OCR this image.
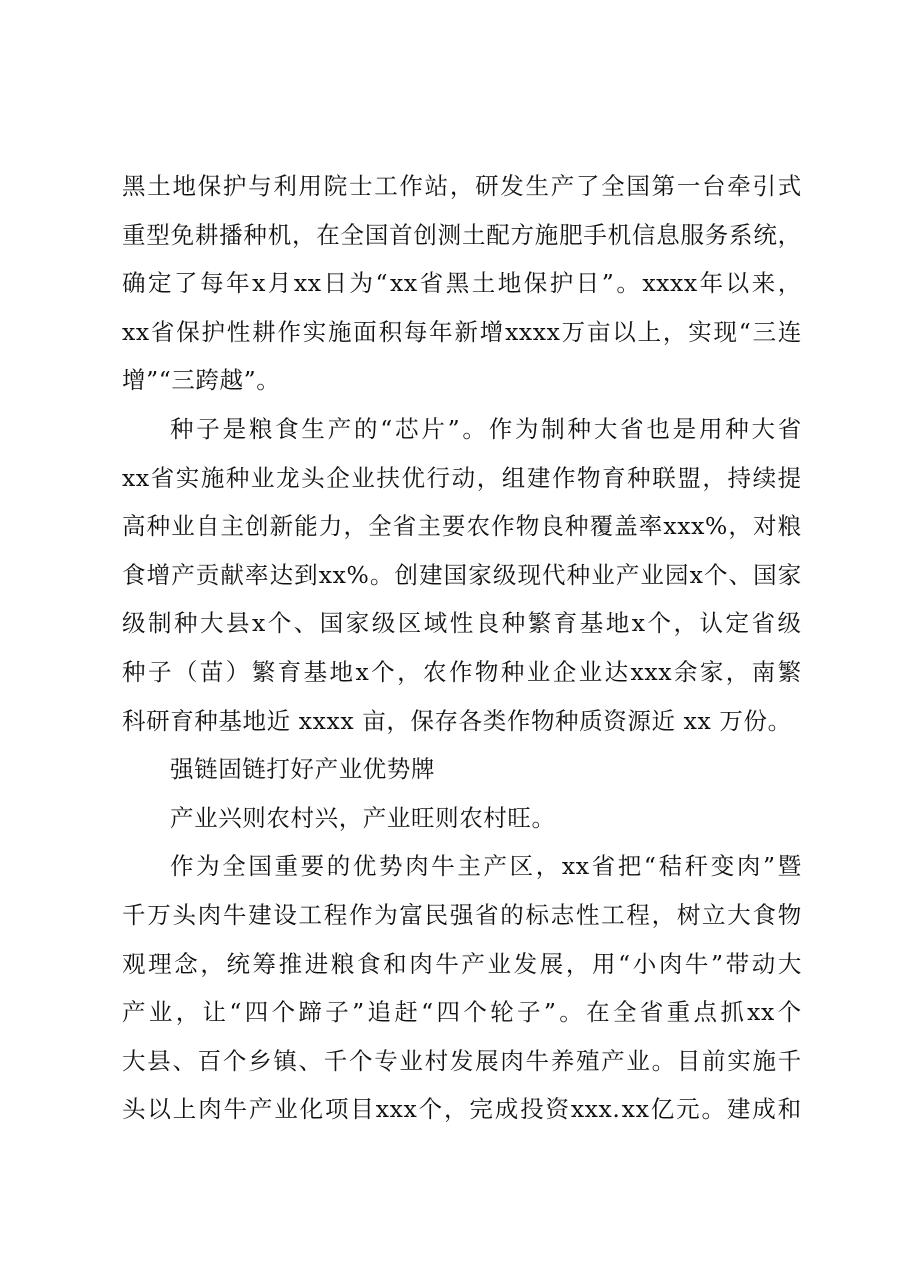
黑 土 地 保 护 与 利 用 院 士 工 作 站 ， 研 发 生 产 了 全 国 第 一 台 牵 引 式
重 型 免 耕 播 种 机 ， 在 全 国 首 创 测 土 配 方 施 肥 手 机 信 息 服 务 系 统 ，
确 定 了 每 年 x 月 xx 日 为 “ xx 省 黑 土 地 保 护 日 ” 。 xxxx 年 以 来 ，
xx 省 保 护 性 耕 作 实 施 面 积 每 年 新 增 xxxx 万 亩 以 上 ， 实 现 “ 三 连
增”“三跨越”。
种 子 是 粮 食 生 产 的 “ 芯 片 ” 。 作 为 制 种 大 省 也 是 用 种 大 省
xx 省 实 施 种 业 龙 头 企 业 扶 优 行 动 ， 组 建 作 物 育 种 联 盟 ， 持 续 提
高 种 业 自 主 创 新 能 力 ， 全 省 主 要 农 作 物 良 种 覆 盖 率 xxx% ， 对 粮
食 增 产 贡 献 率 达 到 xx% 。 创 建 国 家 级 现 代 种 业 产 业 园 x 个 、 国 家
级 制 种 大 县 x 个 、 国 家 级 区 域 性 良 种 繁 育 基 地 x 个 ， 认 定 省 级
种 子 （ 苗 ） 繁 育 基 地 x 个 ， 农 作 物 种 业 企 业 达 xxx 余 家 ， 南 繁
科研育种基地近 xxxx 亩，保存各类作物种质资源近 xx 万份。
强链固链打好产业优势牌
产业兴则农村兴，产业旺则农村旺。
作 为 全 国 重 要 的 优 势 肉 牛 主 产 区 ， xx 省 把 “ 秸 秆 变 肉 ” 暨
千 万 头 肉 牛 建 设 工 程 作 为 富 民 强 省 的 标 志 性 工 程 ， 树 立 大 食 物
观 理 念 ， 统 筹 推 进 粮 食 和 肉 牛 产 业 发 展 ， 用 “ 小 肉 牛 ” 带 动 大
产 业 ， 让 “ 四 个 蹄 子 ” 追 赶 “ 四 个 轮 子 ” 。 在 全 省 重 点 抓 xx 个
大 县 、 百 个 乡 镇 、 千 个 专 业 村 发 展 肉 牛 养 殖 产 业 。 目 前 实 施 千
头 以 上 肉 牛 产 业 化 项 目 xxx 个 ， 完 成 投 资 xxx. xx 亿 元 。 建 成 和
